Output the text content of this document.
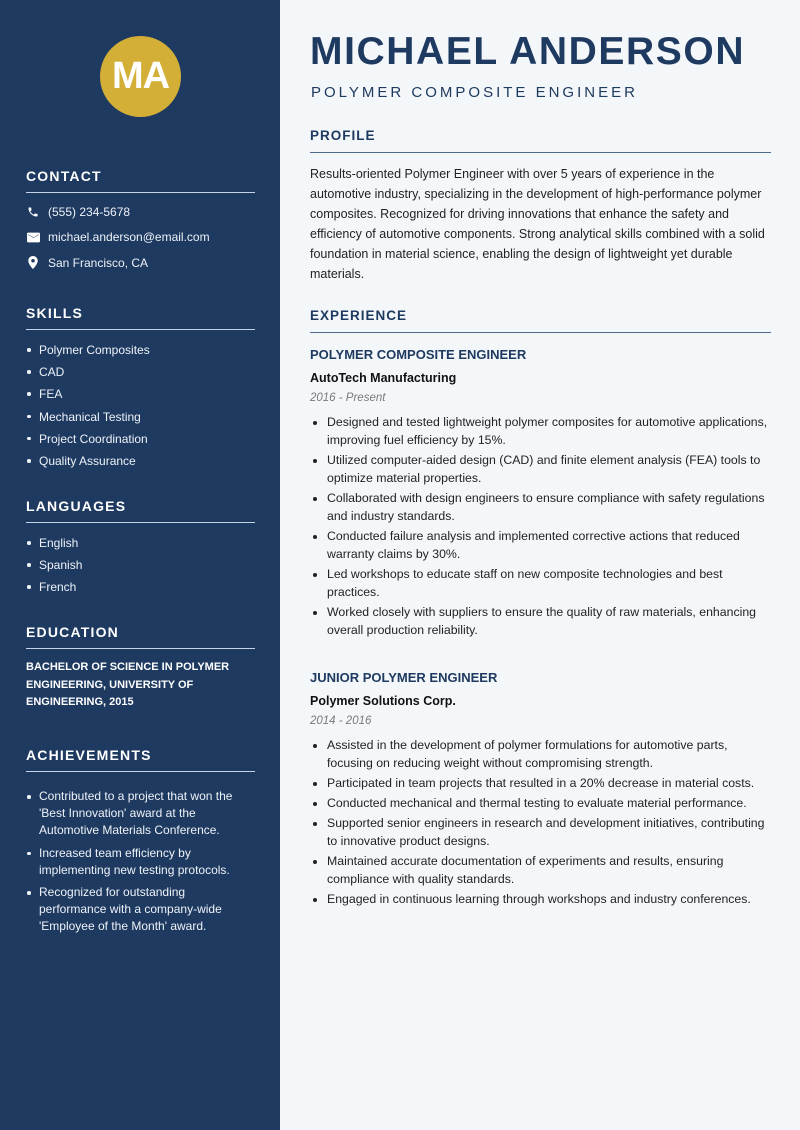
MA
CONTACT
(555) 234-5678
michael.anderson@email.com
San Francisco, CA
SKILLS
Polymer Composites
CAD
FEA
Mechanical Testing
Project Coordination
Quality Assurance
LANGUAGES
English
Spanish
French
EDUCATION
BACHELOR OF SCIENCE IN POLYMER ENGINEERING, UNIVERSITY OF ENGINEERING, 2015
ACHIEVEMENTS
Contributed to a project that won the 'Best Innovation' award at the Automotive Materials Conference.
Increased team efficiency by implementing new testing protocols.
Recognized for outstanding performance with a company-wide 'Employee of the Month' award.
MICHAEL ANDERSON
POLYMER COMPOSITE ENGINEER
PROFILE

Results-oriented Polymer Engineer with over 5 years of experience in the automotive industry, specializing in the development of high-performance polymer composites. Recognized for driving innovations that enhance the safety and efficiency of automotive components. Strong analytical skills combined with a solid foundation in material science, enabling the design of lightweight yet durable materials.

EXPERIENCE
POLYMER COMPOSITE ENGINEER
AutoTech Manufacturing
2016 - Present
Designed and tested lightweight polymer composites for automotive applications, improving fuel efficiency by 15%.
Utilized computer-aided design (CAD) and finite element analysis (FEA) tools to optimize material properties.
Collaborated with design engineers to ensure compliance with safety regulations and industry standards.
Conducted failure analysis and implemented corrective actions that reduced warranty claims by 30%.
Led workshops to educate staff on new composite technologies and best practices.
Worked closely with suppliers to ensure the quality of raw materials, enhancing overall production reliability.
JUNIOR POLYMER ENGINEER
Polymer Solutions Corp.
2014 - 2016
Assisted in the development of polymer formulations for automotive parts, focusing on reducing weight without compromising strength.
Participated in team projects that resulted in a 20% decrease in material costs.
Conducted mechanical and thermal testing to evaluate material performance.
Supported senior engineers in research and development initiatives, contributing to innovative product designs.
Maintained accurate documentation of experiments and results, ensuring compliance with quality standards.
Engaged in continuous learning through workshops and industry conferences.
